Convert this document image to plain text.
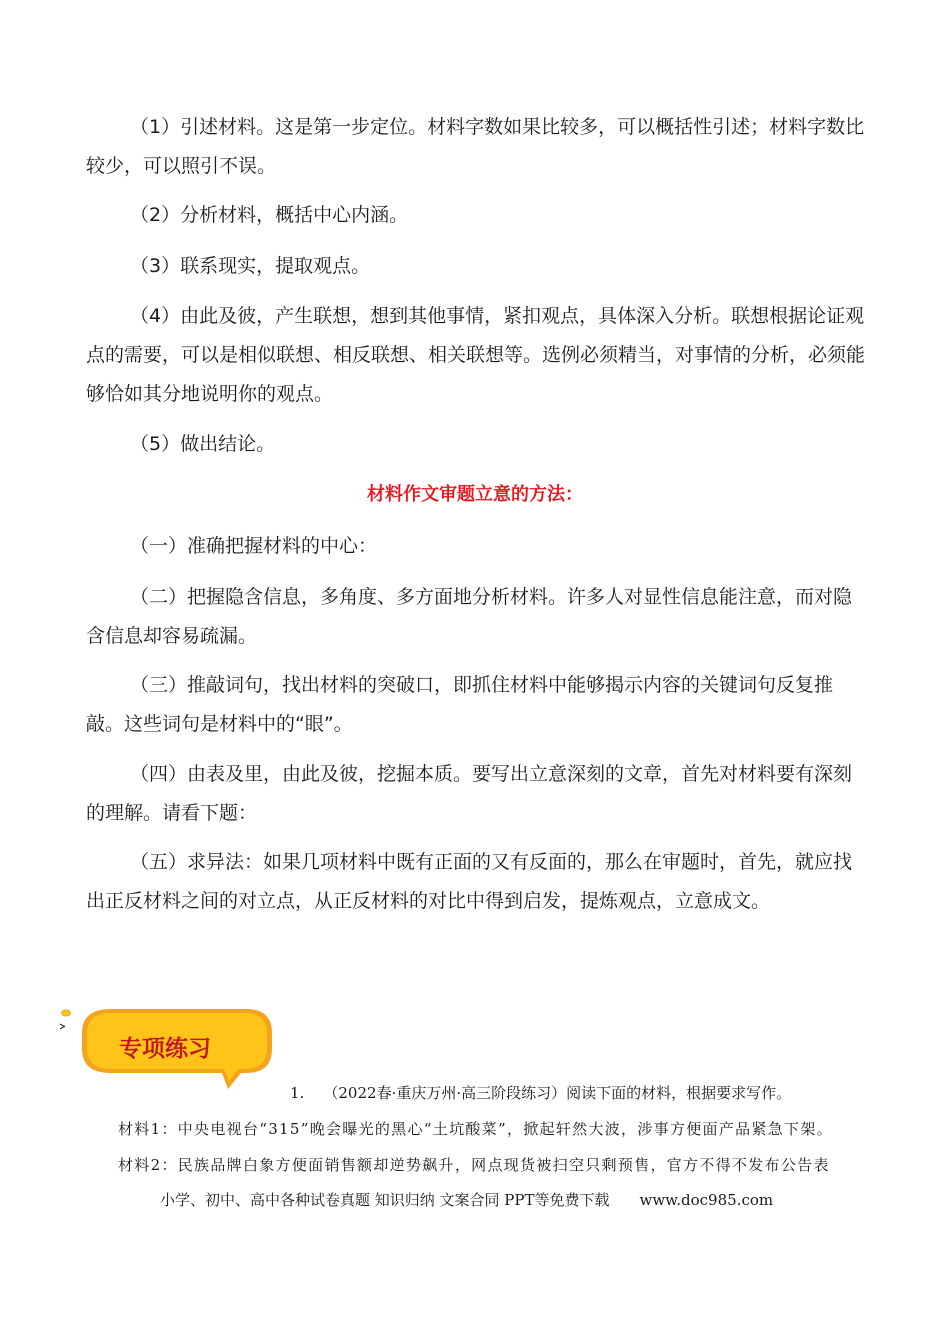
（1）引述材料。这是第一步定位。材料字数如果比较多，可以概括性引述；材料字数比较少，可以照引不误。

（2）分析材料，概括中心内涵。

（3）联系现实，提取观点。

（4）由此及彼，产生联想，想到其他事情，紧扣观点，具体深入分析。联想根据论证观点的需要，可以是相似联想、相反联想、相关联想等。选例必须精当，对事情的分析，必须能够恰如其分地说明你的观点。

（5）做出结论。

材料作文审题立意的方法：

（一）准确把握材料的中心：

（二）把握隐含信息，多角度、多方面地分析材料。许多人对显性信息能注意，而对隐含信息却容易疏漏。

（三）推敲词句，找出材料的突破口，即抓住材料中能够揭示内容的关键词句反复推敲。这些词句是材料中的“眼”。

（四）由表及里，由此及彼，挖掘本质。要写出立意深刻的文章，首先对材料要有深刻的理解。请看下题：

（五）求异法：如果几项材料中既有正面的又有反面的，那么在审题时，首先，就应找出正反材料之间的对立点，从正反材料的对比中得到启发，提炼观点，立意成文。

专项练习
1. （2022春·重庆万州·高三阶段练习）阅读下面的材料，根据要求写作。
材料1：中央电视台“315”晚会曝光的黑心“土坑酸菜”，掀起轩然大波，涉事方便面产品紧急下架。
材料2：民族品牌白象方便面销售额却逆势飙升，网点现货被扫空只剩预售，官方不得不发布公告表
小学、初中、高中各种试卷真题 知识归纳 文案合同 PPT等免费下载 www.doc985.com
